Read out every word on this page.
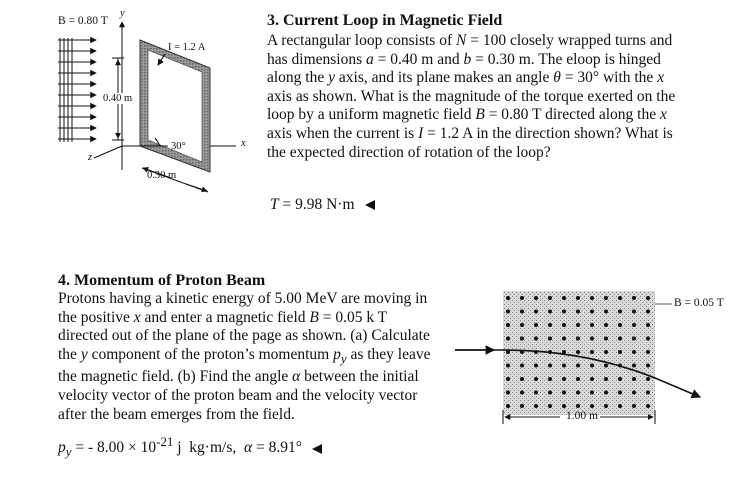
B = 0.80 T
y
I = 1.2 A
0.40 m
30°
z
x
0.30 m
3. Current Loop in Magnetic Field
A rectangular loop consists of N = 100 closely wrapped turns and has dimensions a = 0.40 m and b = 0.30 m. The eloop is hinged along the y axis, and its plane makes an angle θ = 30° with the x axis as shown. What is the magnitude of the torque exerted on the loop by a uniform magnetic field B = 0.80 T directed along the x axis when the current is I = 1.2 A in the direction shown? What is the expected direction of rotation of the loop?
T = 9.98 N·m
4. Momentum of Proton Beam
Protons having a kinetic energy of 5.00 MeV are moving in the positive x and enter a magnetic field B = 0.05 k T directed out of the plane of the page as shown. (a) Calculate the y component of the proton’s momentum $p_y$ as they leave the magnetic field. (b) Find the angle α between the initial velocity vector of the proton beam and the velocity vector after the beam emerges from the field.
$p_y$ = - $8.00 \times 10^{-21}$ j  kg·m/s,  α = 8.91°
B = 0.05 T
1.00 m
